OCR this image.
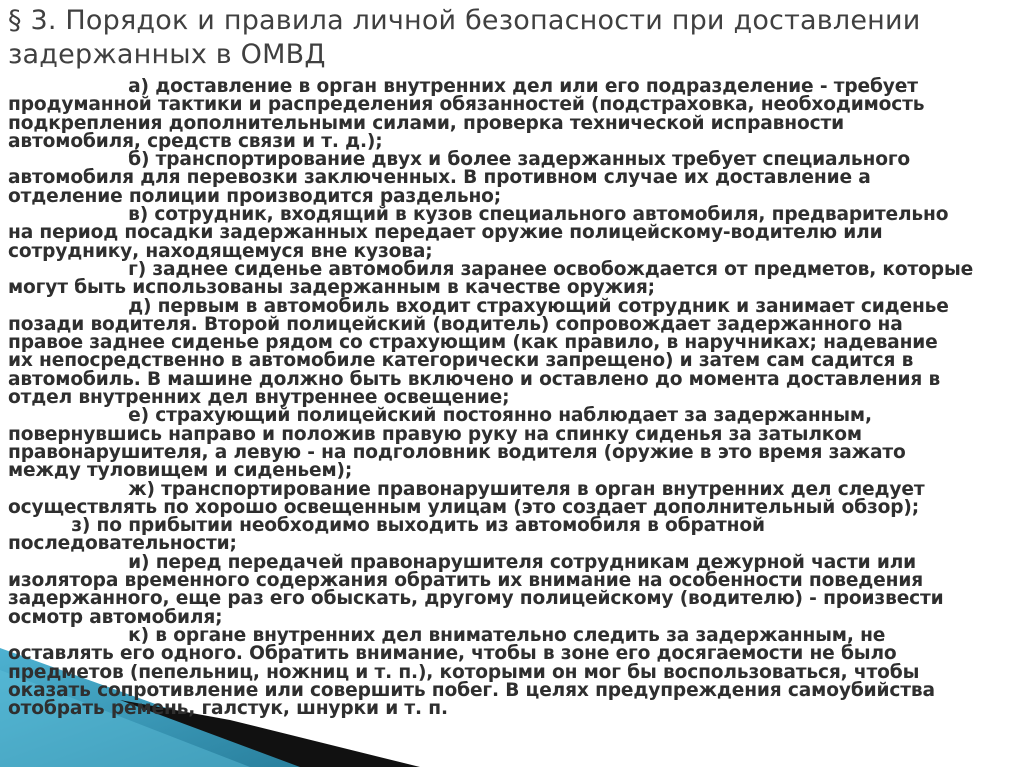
§ 3. Порядок и правила личной безопасности при доставлении
задержанных в ОМВД
а) доставление в орган внутренних дел или его подразделение - требует
продуманной тактики и распределения обязанностей (подстраховка, необходимость
подкрепления дополнительными силами, проверка технической исправности
автомобиля, средств связи и т. д.);
б) транспортирование двух и более задержанных требует специального
автомобиля для перевозки заключенных. В противном случае их доставление а
отделение полиции производится раздельно;
в) сотрудник, входящий в кузов специального автомобиля, предварительно
на период посадки задержанных передает оружие полицейскому-водителю или
сотруднику, находящемуся вне кузова;
г) заднее сиденье автомобиля заранее освобождается от предметов, которые
могут быть использованы задержанным в качестве оружия;
д) первым в автомобиль входит страхующий сотрудник и занимает сиденье
позади водителя. Второй полицейский (водитель) сопровождает задержанного на
правое заднее сиденье рядом со страхующим (как правило, в наручниках; надевание
их непосредственно в автомобиле категорически запрещено) и затем сам садится в
автомобиль. В машине должно быть включено и оставлено до момента доставления в
отдел внутренних дел внутреннее освещение;
е) страхующий полицейский постоянно наблюдает за задержанным,
повернувшись направо и положив правую руку на спинку сиденья за затылком
правонарушителя, а левую - на подголовник водителя (оружие в это время зажато
между туловищем и сиденьем);
ж) транспортирование правонарушителя в орган внутренних дел следует
осуществлять по хорошо освещенным улицам (это создает дополнительный обзор);
з) по прибытии необходимо выходить из автомобиля в обратной
последовательности;
и) перед передачей правонарушителя сотрудникам дежурной части или
изолятора временного содержания обратить их внимание на особенности поведения
задержанного, еще раз его обыскать, другому полицейскому (водителю) - произвести
осмотр автомобиля;
к) в органе внутренних дел внимательно следить за задержанным, не
оставлять его одного. Обратить внимание, чтобы в зоне его досягаемости не было
предметов (пепельниц, ножниц и т. п.), которыми он мог бы воспользоваться, чтобы
оказать сопротивление или совершить побег. В целях предупреждения самоубийства
отобрать ремень, галстук, шнурки и т. п.
